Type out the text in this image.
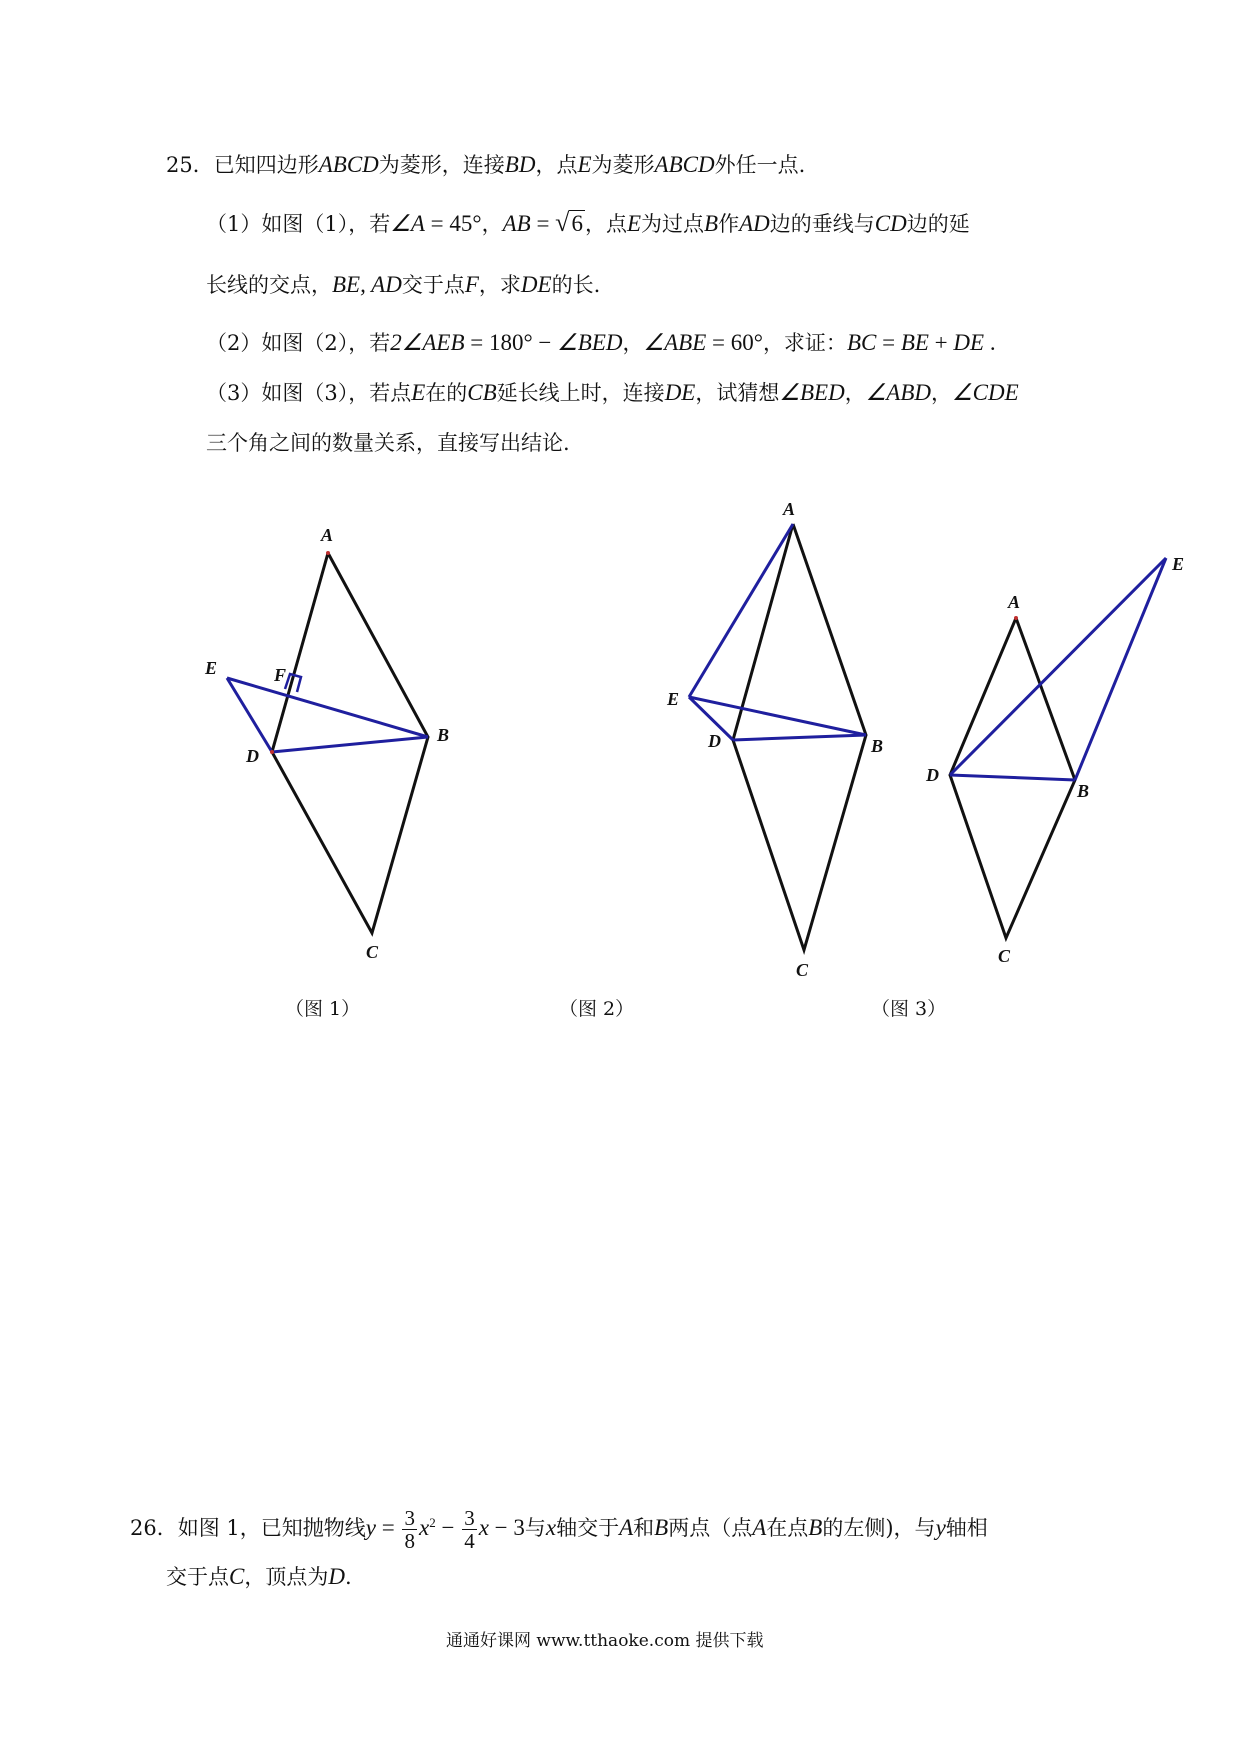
25．已知四边形ABCD为菱形，连接BD，点E为菱形ABCD外任一点.
（1）如图（1），若∠A = 45°，AB = √6，点E为过点B作AD边的垂线与CD边的延
长线的交点，BE, AD交于点F，求DE的长.
（2）如图（2），若2∠AEB = 180° − ∠BED，∠ABE = 60°，求证：BC = BE + DE .
（3）如图（3），若点E在的CB延长线上时，连接DE，试猜想∠BED，∠ABD，∠CDE
三个角之间的数量关系，直接写出结论.
A
B
C
D
E	F
A
B
C
D
E
A
B
C
D
E
（图 1）	（图 2）	（图 3）
26．如图 1，已知抛物线$y = \frac{3}{8} x^2 - \frac{3}{4}$ x − 3与x轴交于A和B两点（点A在点B的左侧)，与y轴相
交于点C，顶点为D.
通通好课网 www.tthaoke.com 提供下载
